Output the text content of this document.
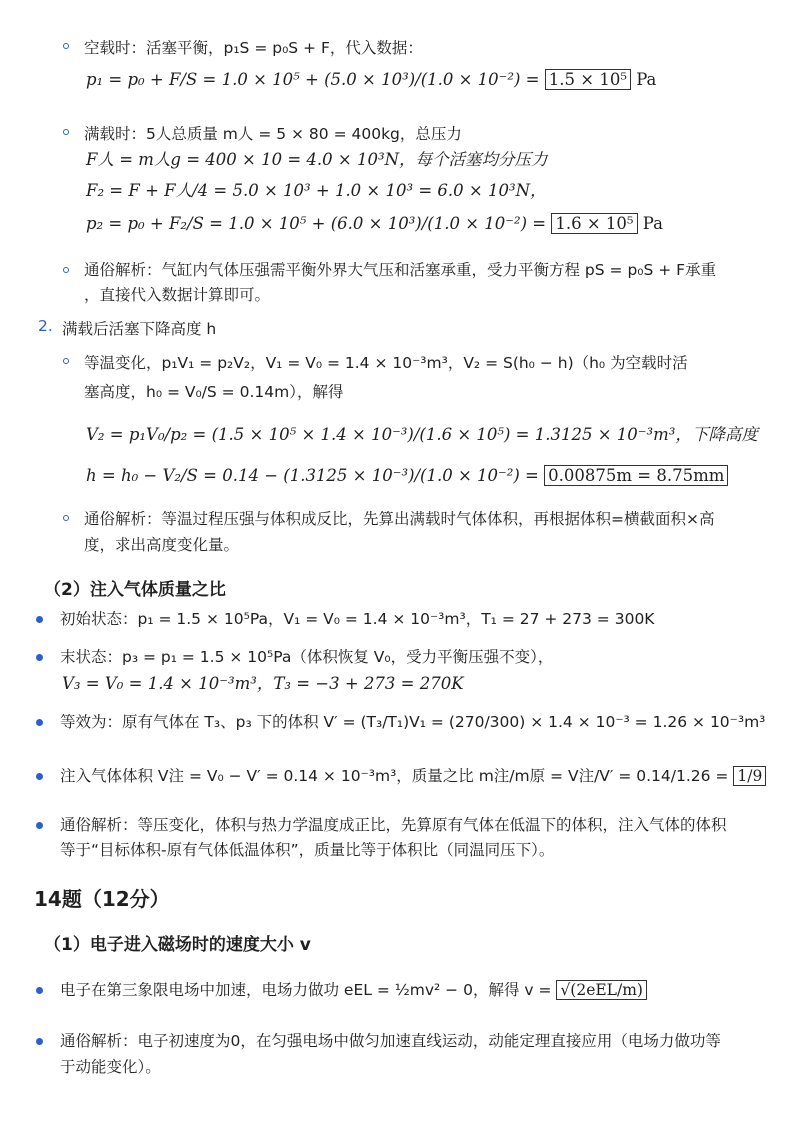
空载时：活塞平衡，p₁S = p₀S + F，代入数据：
p₁ = p₀ + F/S = 1.0 × 10⁵ + (5.0 × 10³)/(1.0 × 10⁻²) = 1.5 × 10⁵ Pa
满载时：5人总质量 m人 = 5 × 80 = 400kg，总压力
F人 = m人g = 400 × 10 = 4.0 × 10³N，每个活塞均分压力
F₂ = F + F人/4 = 5.0 × 10³ + 1.0 × 10³ = 6.0 × 10³N，
p₂ = p₀ + F₂/S = 1.0 × 10⁵ + (6.0 × 10³)/(1.0 × 10⁻²) = 1.6 × 10⁵ Pa
通俗解析：气缸内气体压强需平衡外界大气压和活塞承重，受力平衡方程 pS = p₀S + F承重
，直接代入数据计算即可。
2. 满载后活塞下降高度 h
等温变化，p₁V₁ = p₂V₂，V₁ = V₀ = 1.4 × 10⁻³m³，V₂ = S(h₀ − h)（h₀ 为空载时活
塞高度，h₀ = V₀/S = 0.14m），解得
V₂ = p₁V₀/p₂ = (1.5 × 10⁵ × 1.4 × 10⁻³)/(1.6 × 10⁵) = 1.3125 × 10⁻³m³，下降高度
h = h₀ − V₂/S = 0.14 − (1.3125 × 10⁻³)/(1.0 × 10⁻²) = 0.00875m = 8.75mm
通俗解析：等温过程压强与体积成反比，先算出满载时气体体积，再根据体积=横截面积×高
度，求出高度变化量。
（2）注入气体质量之比
初始状态：p₁ = 1.5 × 10⁵Pa，V₁ = V₀ = 1.4 × 10⁻³m³，T₁ = 27 + 273 = 300K
末状态：p₃ = p₁ = 1.5 × 10⁵Pa（体积恢复 V₀，受力平衡压强不变），
V₃ = V₀ = 1.4 × 10⁻³m³，T₃ = −3 + 273 = 270K
等效为：原有气体在 T₃、p₃ 下的体积 V′ = (T₃/T₁)V₁ = (270/300) × 1.4 × 10⁻³ = 1.26 × 10⁻³m³
注入气体体积 V注 = V₀ − V′ = 0.14 × 10⁻³m³，质量之比 m注/m原 = V注/V′ = 0.14/1.26 = 1/9
通俗解析：等压变化，体积与热力学温度成正比，先算原有气体在低温下的体积，注入气体的体积
等于“目标体积-原有气体低温体积”，质量比等于体积比（同温同压下）。
14题（12分）
（1）电子进入磁场时的速度大小 v
电子在第三象限电场中加速，电场力做功 eEL = ½mv² − 0，解得 v = √(2eEL/m)
通俗解析：电子初速度为0，在匀强电场中做匀加速直线运动，动能定理直接应用（电场力做功等
于动能变化）。
